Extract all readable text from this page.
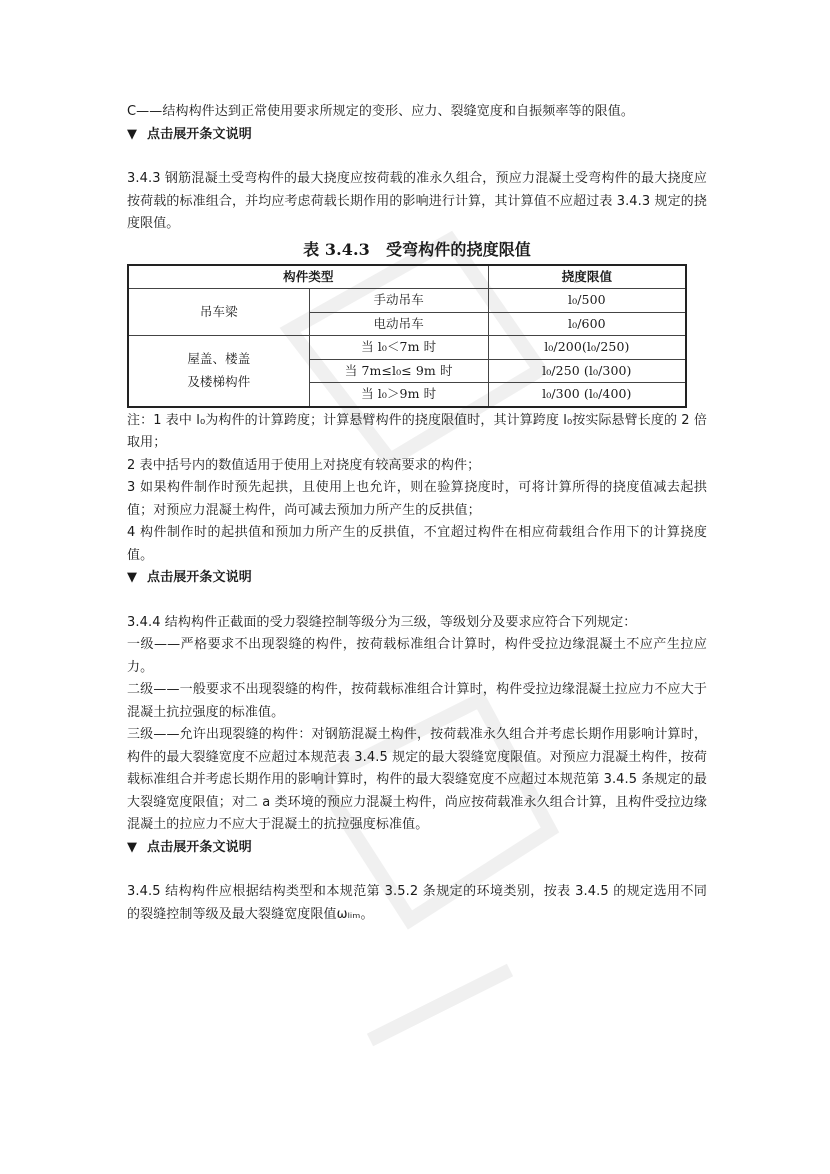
C——结构构件达到正常使用要求所规定的变形、应力、裂缝宽度和自振频率等的限值。

▼ 点击展开条文说明

3.4.3 钢筋混凝土受弯构件的最大挠度应按荷载的准永久组合，预应力混凝土受弯构件的最大挠度应按荷载的标准组合，并均应考虑荷载长期作用的影响进行计算，其计算值不应超过表 3.4.3 规定的挠度限值。

表 3.4.3　受弯构件的挠度限值
构件类型		挠度限值
吊车梁	手动吊车	l₀/500
	电动吊车	l₀/600

屋盖、楼盖
及楼梯构件	当 l₀＜7m 时	l₀/200(l₀/250)
	当 7m≤l₀≤ 9m 时	l₀/250 (l₀/300)
	当 l₀＞9m 时	l₀/300 (l₀/400)

注：1 表中 l₀为构件的计算跨度；计算悬臂构件的挠度限值时，其计算跨度 l₀按实际悬臂长度的 2 倍取用；

2 表中括号内的数值适用于使用上对挠度有较高要求的构件；

3 如果构件制作时预先起拱，且使用上也允许，则在验算挠度时，可将计算所得的挠度值减去起拱值；对预应力混凝土构件，尚可减去预加力所产生的反拱值；

4 构件制作时的起拱值和预加力所产生的反拱值，不宜超过构件在相应荷载组合作用下的计算挠度值。

▼ 点击展开条文说明

3.4.4 结构构件正截面的受力裂缝控制等级分为三级，等级划分及要求应符合下列规定：

一级——严格要求不出现裂缝的构件，按荷载标准组合计算时，构件受拉边缘混凝土不应产生拉应力。

二级——一般要求不出现裂缝的构件，按荷载标准组合计算时，构件受拉边缘混凝土拉应力不应大于混凝土抗拉强度的标准值。

三级——允许出现裂缝的构件：对钢筋混凝土构件，按荷载准永久组合并考虑长期作用影响计算时，构件的最大裂缝宽度不应超过本规范表 3.4.5 规定的最大裂缝宽度限值。对预应力混凝土构件，按荷载标准组合并考虑长期作用的影响计算时，构件的最大裂缝宽度不应超过本规范第 3.4.5 条规定的最大裂缝宽度限值；对二 a 类环境的预应力混凝土构件，尚应按荷载准永久组合计算，且构件受拉边缘混凝土的拉应力不应大于混凝土的抗拉强度标准值。

▼ 点击展开条文说明

3.4.5 结构构件应根据结构类型和本规范第 3.5.2 条规定的环境类别，按表 3.4.5 的规定选用不同的裂缝控制等级及最大裂缝宽度限值ωₗᵢₘ。
